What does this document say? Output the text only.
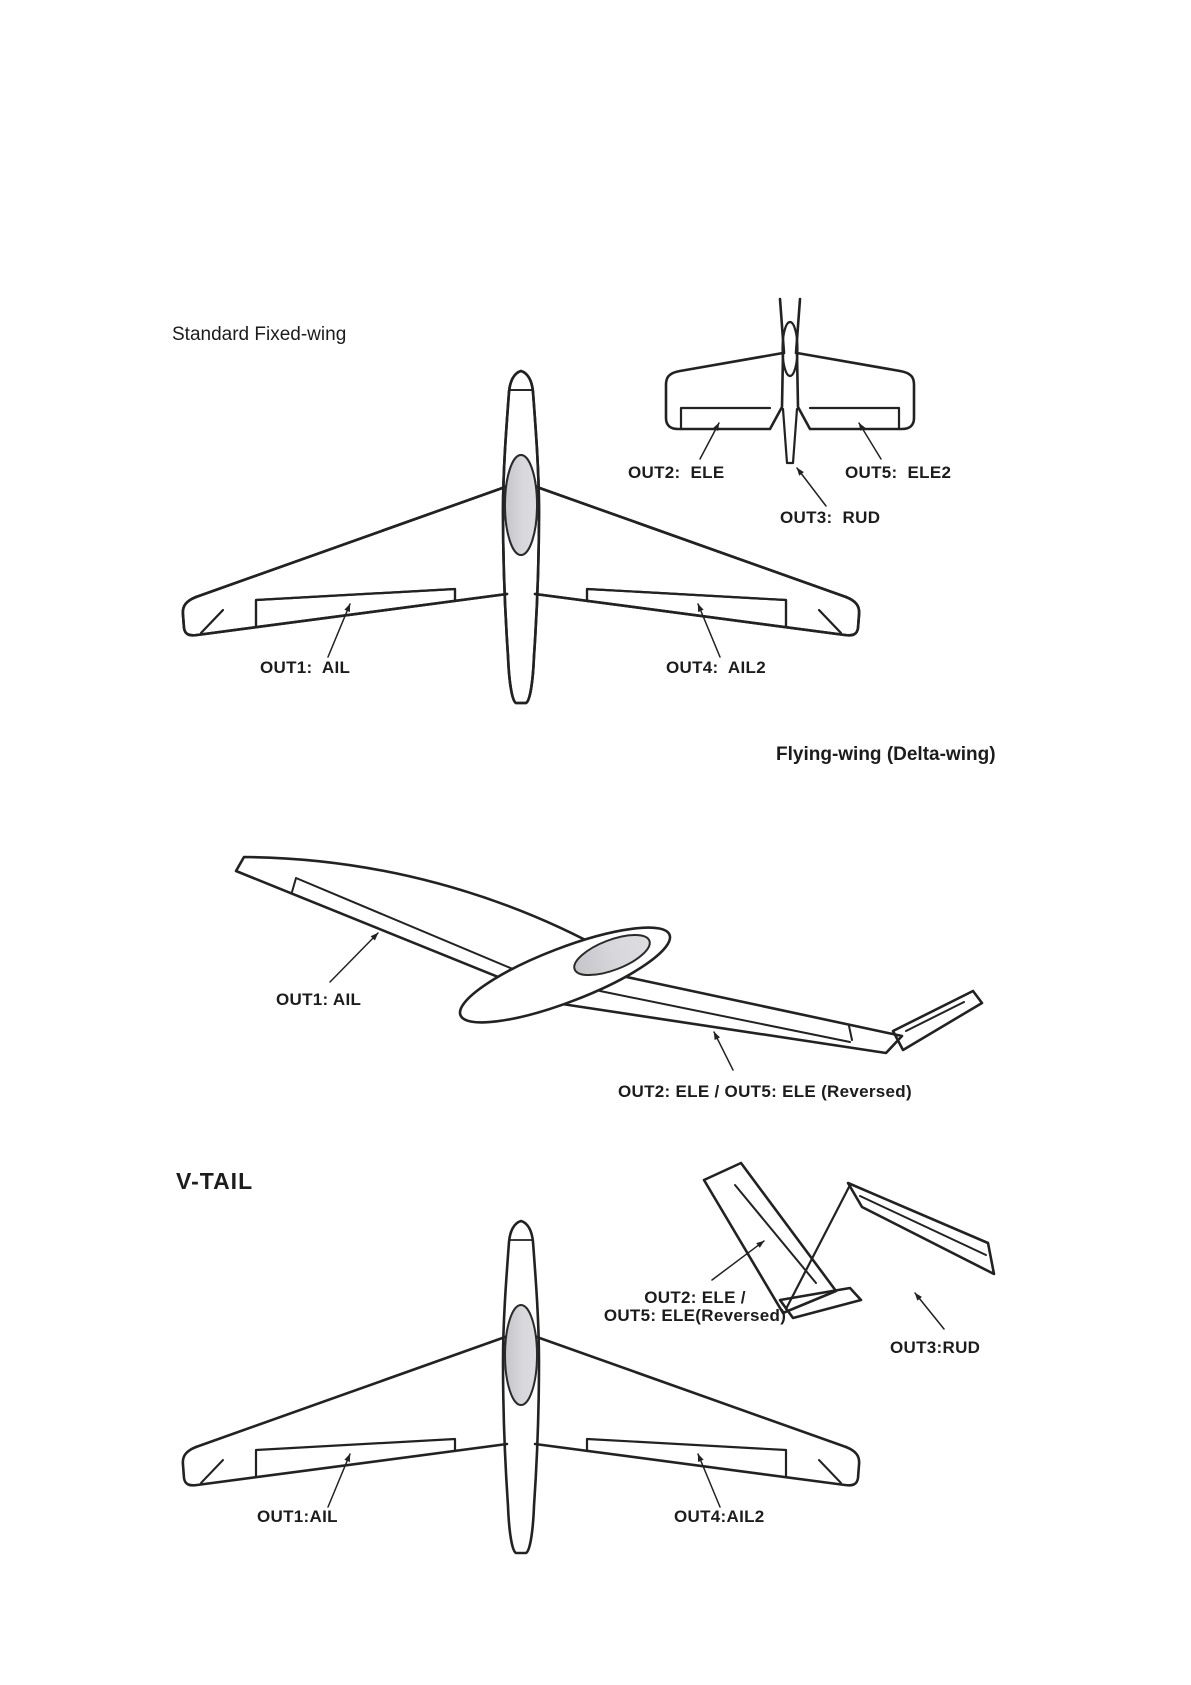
Standard Fixed-wing
Flying-wing (Delta-wing)
V-TAIL
OUT2:  ELE	OUT5:  ELE2
OUT3:  RUD
OUT1:  AIL	OUT4:  AIL2
OUT1: AIL
OUT2: ELE / OUT5: ELE (Reversed)
OUT2: ELE /
OUT5: ELE(Reversed)
OUT3:RUD
OUT1:AIL	OUT4:AIL2
